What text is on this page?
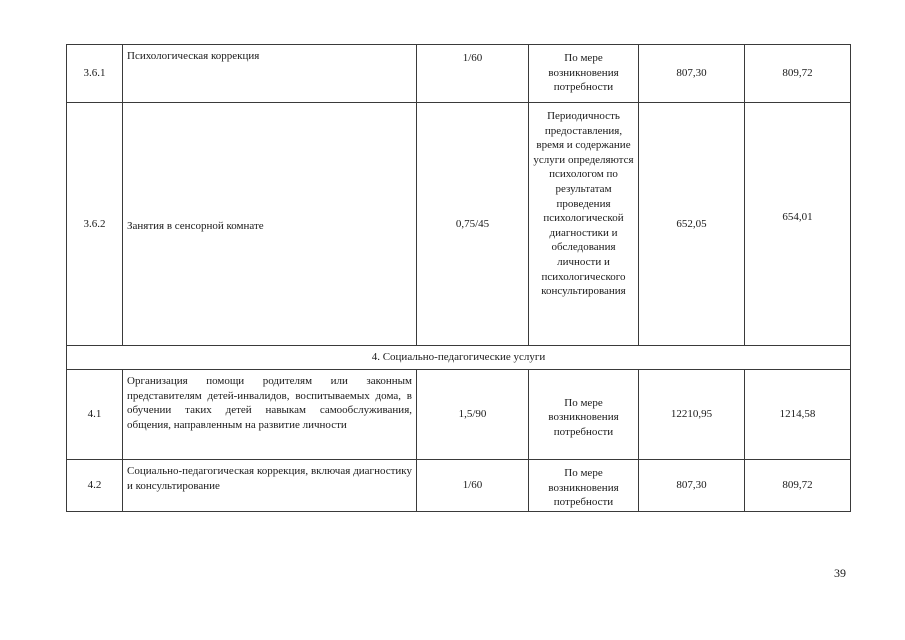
3.6.1	Психологическая коррекция	1/60	По мере возникновения потребности	807,30	809,72
3.6.2	Занятия в сенсорной комнате	0,75/45	Периодичность предоставления, время и содержание услуги определяются психологом по результатам проведения психологической диагностики и обследования личности и психологического консультирования	652,05	654,01
4. Социально-педагогические услуги					
4.1	Организация помощи родителям или законным представителям детей-инвалидов, воспитываемых дома, в обучении таких детей навыкам самообслуживания, общения, направленным на развитие личности	1,5/90	По мере возникновения потребности	12210,95	1214,58
4.2	Социально-педагогическая коррекция, включая диагностику и консультирование	1/60	По мере возникновения потребности	807,30	809,72
39
